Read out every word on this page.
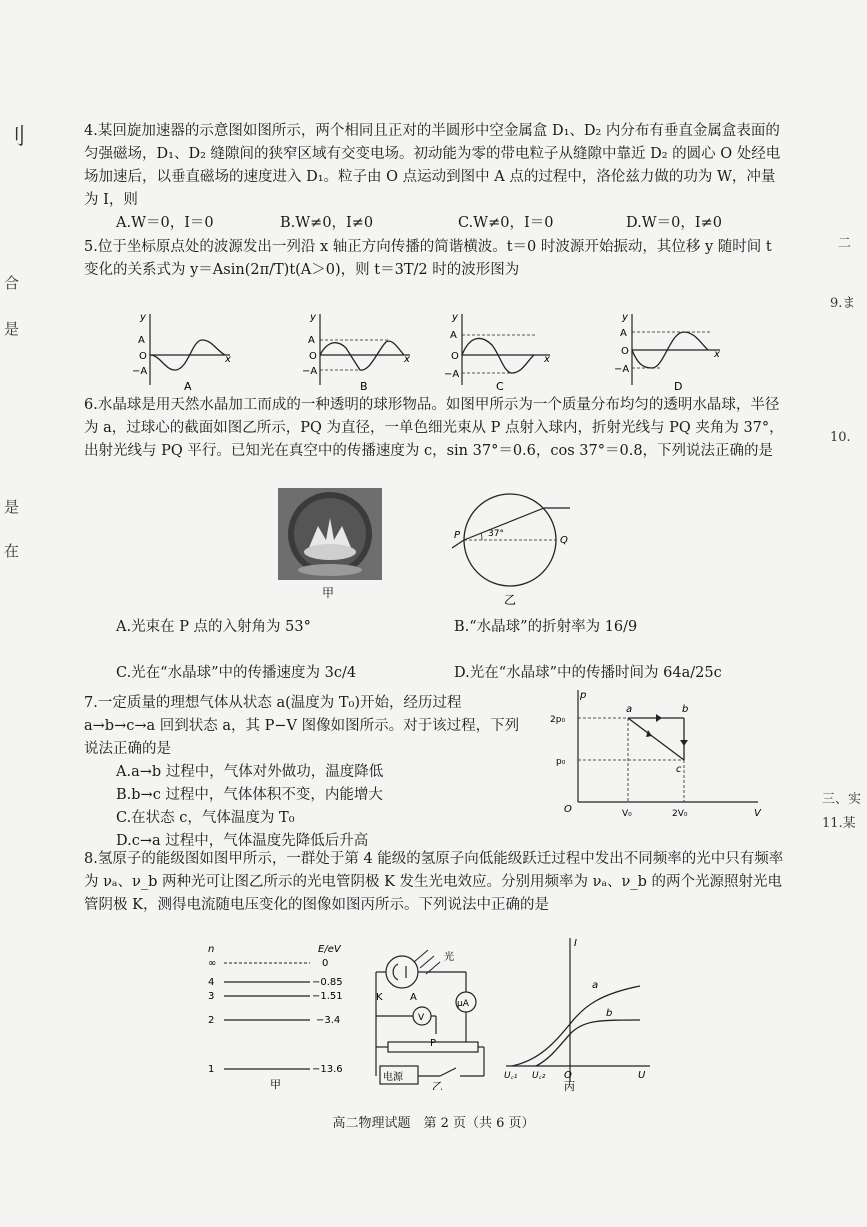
刂
合
是
是
在
二
9.ま
10.
三、实
11.某

4.某回旋加速器的示意图如图所示，两个相同且正对的半圆形中空金属盒 D₁、D₂ 内分布有垂直金属盒表面的匀强磁场，D₁、D₂ 缝隙间的狭窄区域有交变电场。初动能为零的带电粒子从缝隙中靠近 D₂ 的圆心 O 处经电场加速后，以垂直磁场的速度进入 D₁。粒子由 O 点运动到图中 A 点的过程中，洛伦兹力做的功为 W，冲量为 I，则

A.W＝0，I＝0	B.W≠0，I≠0	C.W≠0，I＝0	D.W＝0，I≠0

5.位于坐标原点处的波源发出一列沿 x 轴正方向传播的简谐横波。t＝0 时波源开始振动，其位移 y 随时间 t 变化的关系式为 y＝Asin(2π/T)t(A＞0)，则 t＝3T/2 时的波形图为

y
x
A
O
−A
A
y
x
A
O
−A
B
y
x
A
O
−A
C
y
x
A
O
−A
D

6.水晶球是用天然水晶加工而成的一种透明的球形物品。如图甲所示为一个质量分布均匀的透明水晶球，半径为 a，过球心的截面如图乙所示，PQ 为直径，一单色细光束从 P 点射入球内，折射光线与 PQ 夹角为 37°，出射光线与 PQ 平行。已知光在真空中的传播速度为 c，sin 37°＝0.6，cos 37°＝0.8，下列说法正确的是

甲
P	Q
37°
乙
A.光束在 P 点的入射角为 53°	B.“水晶球”的折射率为 16/9
C.光在“水晶球”中的传播速度为 3c/4	D.光在“水晶球”中的传播时间为 64a/25c

7.一定质量的理想气体从状态 a(温度为 T₀)开始，经历过程 a→b→c→a 回到状态 a，其 P−V 图像如图所示。对于该过程，下列说法正确的是

A.a→b 过程中，气体对外做功，温度降低

B.b→c 过程中，气体体积不变，内能增大

C.在状态 c，气体温度为 T₀

D.c→a 过程中，气体温度先降低后升高

p
V
O
2p₀
p₀
V₀	2V₀
a	b
c

8.氢原子的能级图如图甲所示，一群处于第 4 能级的氢原子向低能级跃迁过程中发出不同频率的光中只有频率为 νₐ、ν_b 两种光可让图乙所示的光电管阴极 K 发生光电效应。分别用频率为 νₐ、ν_b 的两个光源照射光电管阴极 K，测得电流随电压变化的图像如图丙所示。下列说法中正确的是

n	E/eV
∞	0
4	−0.85
3	−1.51
2	−3.4
1	−13.6
甲
光
K	A
μA
V
P
电源
乙
I
U
O
U꜀₁ U꜀₂
a
b
丙
高二物理试题　第 2 页（共 6 页）
